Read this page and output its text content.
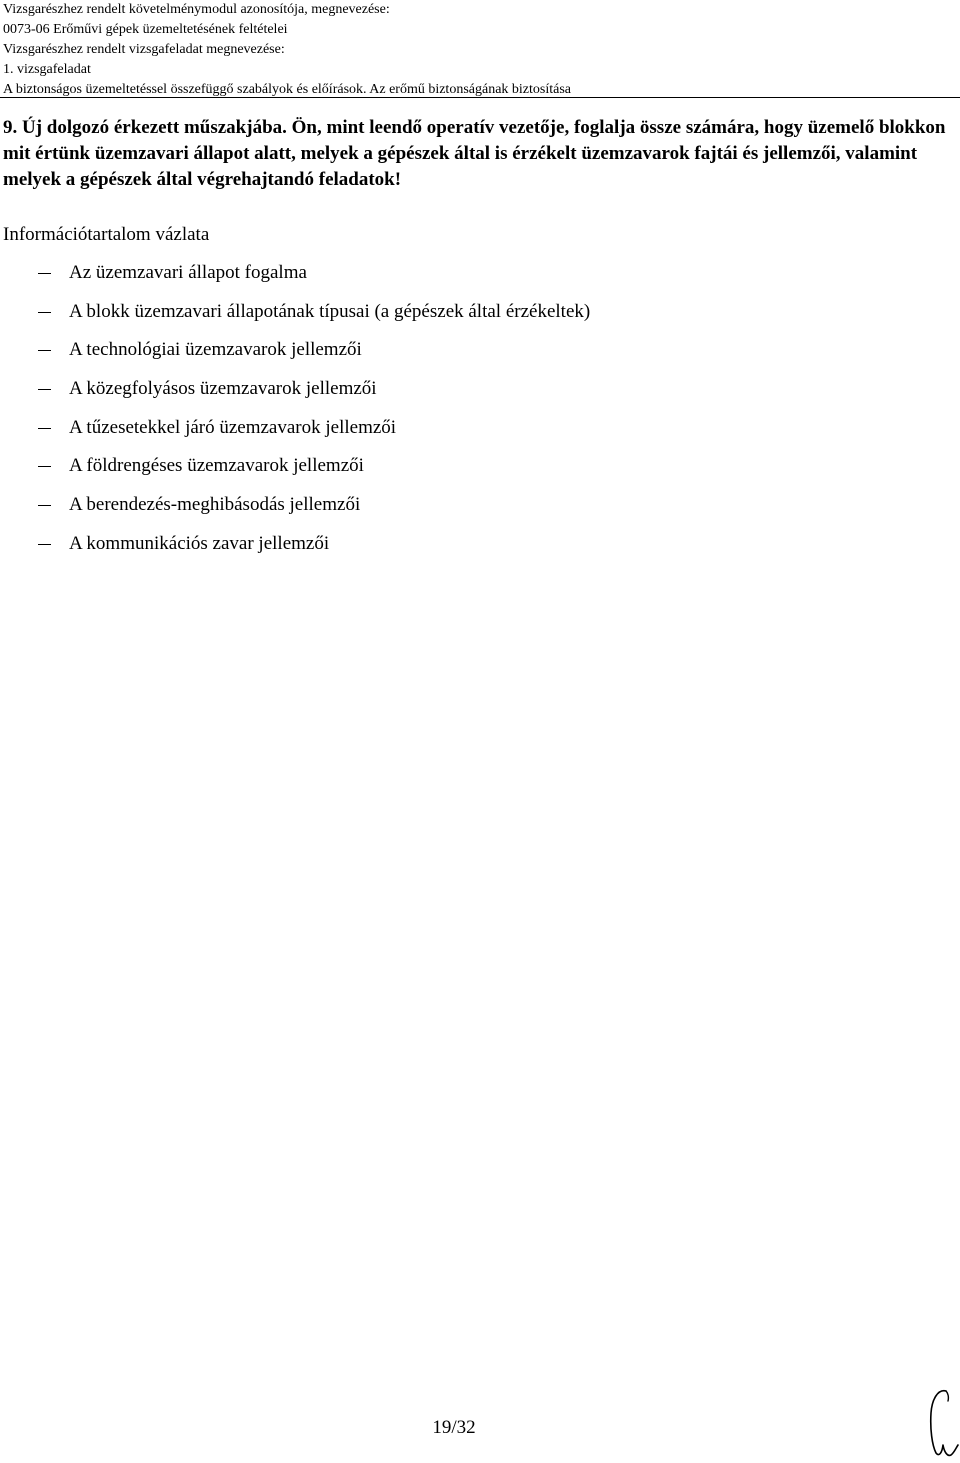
Vizsgarészhez rendelt követelménymodul azonosítója, megnevezése:
0073-06 Erőművi gépek üzemeltetésének feltételei
Vizsgarészhez rendelt vizsgafeladat megnevezése:
1. vizsgafeladat
A biztonságos üzemeltetéssel összefüggő szabályok és előírások. Az erőmű biztonságának biztosítása

9. Új dolgozó érkezett műszakjába. Ön, mint leendő operatív vezetője, foglalja össze számára, hogy üzemelő blokkon mit értünk üzemzavari állapot alatt, melyek a gépészek által is érzékelt üzemzavarok fajtái és jellemzői, valamint melyek a gépészek által végrehajtandó feladatok!

Információtartalom vázlata

Az üzemzavari állapot fogalma
A blokk üzemzavari állapotának típusai (a gépészek által érzékeltek)
A technológiai üzemzavarok jellemzői
A közegfolyásos üzemzavarok jellemzői
A tűzesetekkel járó üzemzavarok jellemzői
A földrengéses üzemzavarok jellemzői
A berendezés-meghibásodás jellemzői
A kommunikációs zavar jellemzői
19/32
